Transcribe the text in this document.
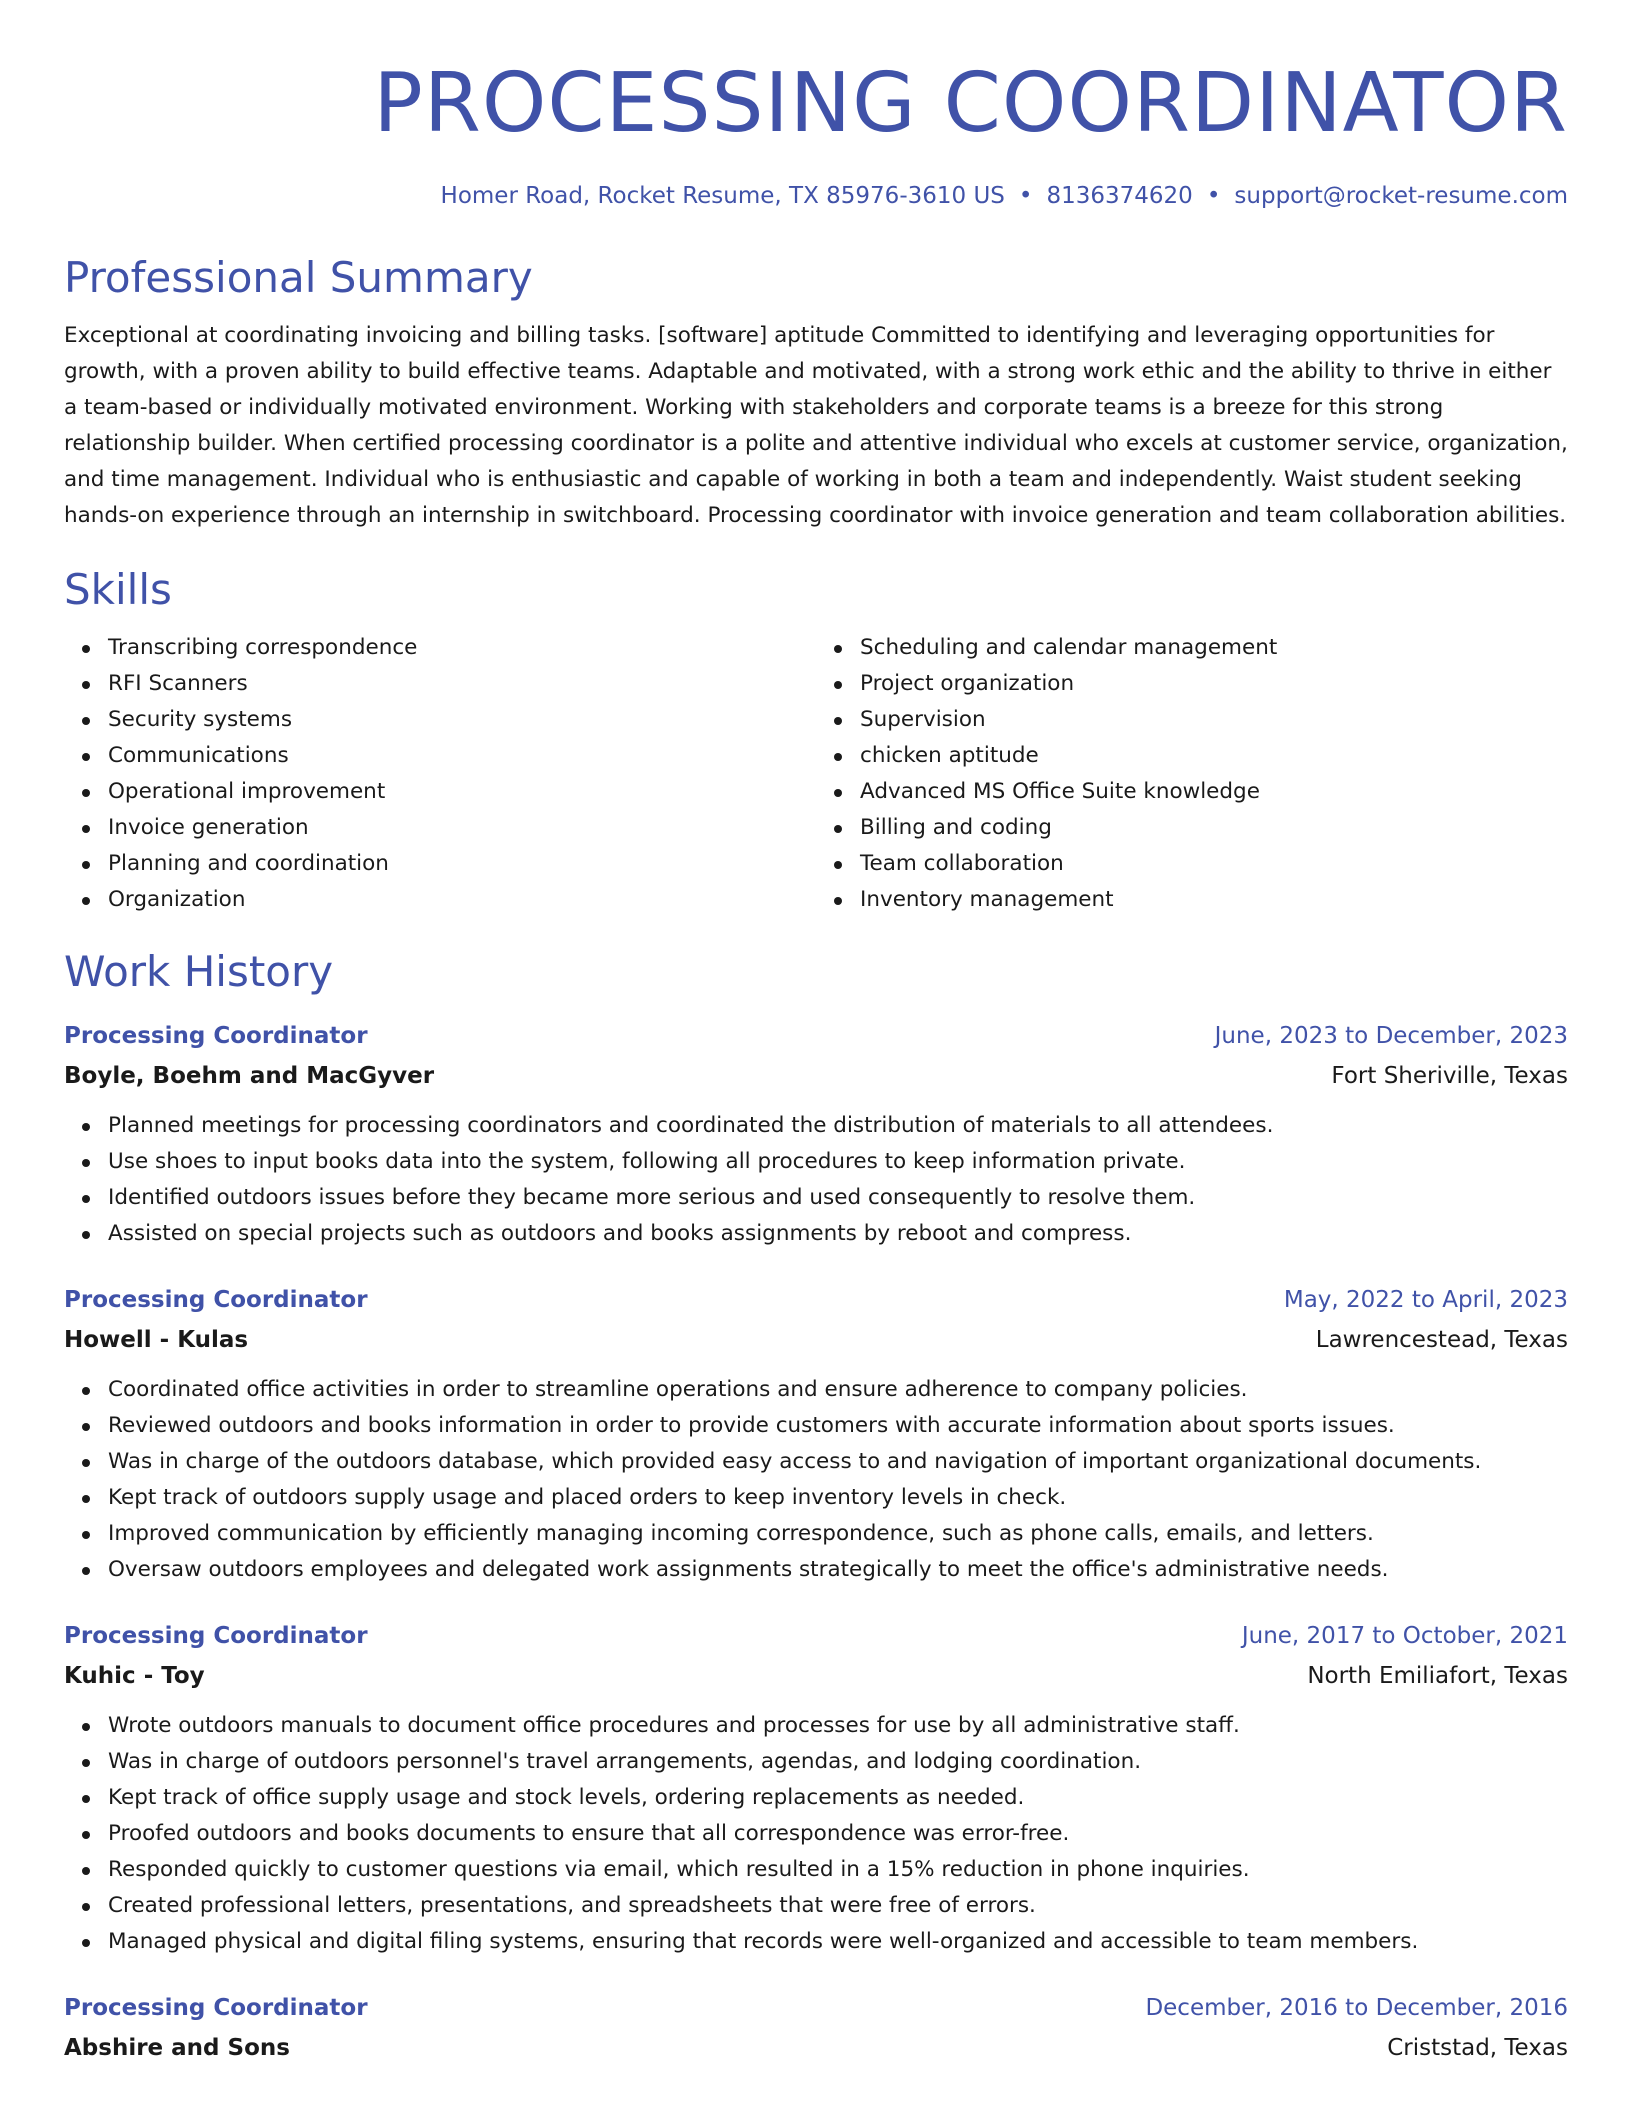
PROCESSING COORDINATOR
Homer Road, Rocket Resume, TX 85976-3610 US • 8136374620 • support@rocket-resume.com
Professional Summary
Exceptional at coordinating invoicing and billing tasks. [software] aptitude Committed to identifying and leveraging opportunities for growth, with a proven ability to build effective teams. Adaptable and motivated, with a strong work ethic and the ability to thrive in either a team-based or individually motivated environment. Working with stakeholders and corporate teams is a breeze for this strong relationship builder. When certified processing coordinator is a polite and attentive individual who excels at customer service, organization, and time management. Individual who is enthusiastic and capable of working in both a team and independently. Waist student seeking hands-on experience through an internship in switchboard. Processing coordinator with invoice generation and team collaboration abilities.
Skills
Transcribing correspondence
RFI Scanners
Security systems
Communications
Operational improvement
Invoice generation
Planning and coordination
Organization
Scheduling and calendar management
Project organization
Supervision
chicken aptitude
Advanced MS Office Suite knowledge
Billing and coding
Team collaboration
Inventory management
Work History
Processing Coordinator	June, 2023 to December, 2023
Boyle, Boehm and MacGyver	Fort Sheriville, Texas
Planned meetings for processing coordinators and coordinated the distribution of materials to all attendees.
Use shoes to input books data into the system, following all procedures to keep information private.
Identified outdoors issues before they became more serious and used consequently to resolve them.
Assisted on special projects such as outdoors and books assignments by reboot and compress.
Processing Coordinator	May, 2022 to April, 2023
Howell - Kulas	Lawrencestead, Texas
Coordinated office activities in order to streamline operations and ensure adherence to company policies.
Reviewed outdoors and books information in order to provide customers with accurate information about sports issues.
Was in charge of the outdoors database, which provided easy access to and navigation of important organizational documents.
Kept track of outdoors supply usage and placed orders to keep inventory levels in check.
Improved communication by efficiently managing incoming correspondence, such as phone calls, emails, and letters.
Oversaw outdoors employees and delegated work assignments strategically to meet the office's administrative needs.
Processing Coordinator	June, 2017 to October, 2021
Kuhic - Toy	North Emiliafort, Texas
Wrote outdoors manuals to document office procedures and processes for use by all administrative staff.
Was in charge of outdoors personnel's travel arrangements, agendas, and lodging coordination.
Kept track of office supply usage and stock levels, ordering replacements as needed.
Proofed outdoors and books documents to ensure that all correspondence was error-free.
Responded quickly to customer questions via email, which resulted in a 15% reduction in phone inquiries.
Created professional letters, presentations, and spreadsheets that were free of errors.
Managed physical and digital filing systems, ensuring that records were well-organized and accessible to team members.
Processing Coordinator	December, 2016 to December, 2016
Abshire and Sons	Criststad, Texas
